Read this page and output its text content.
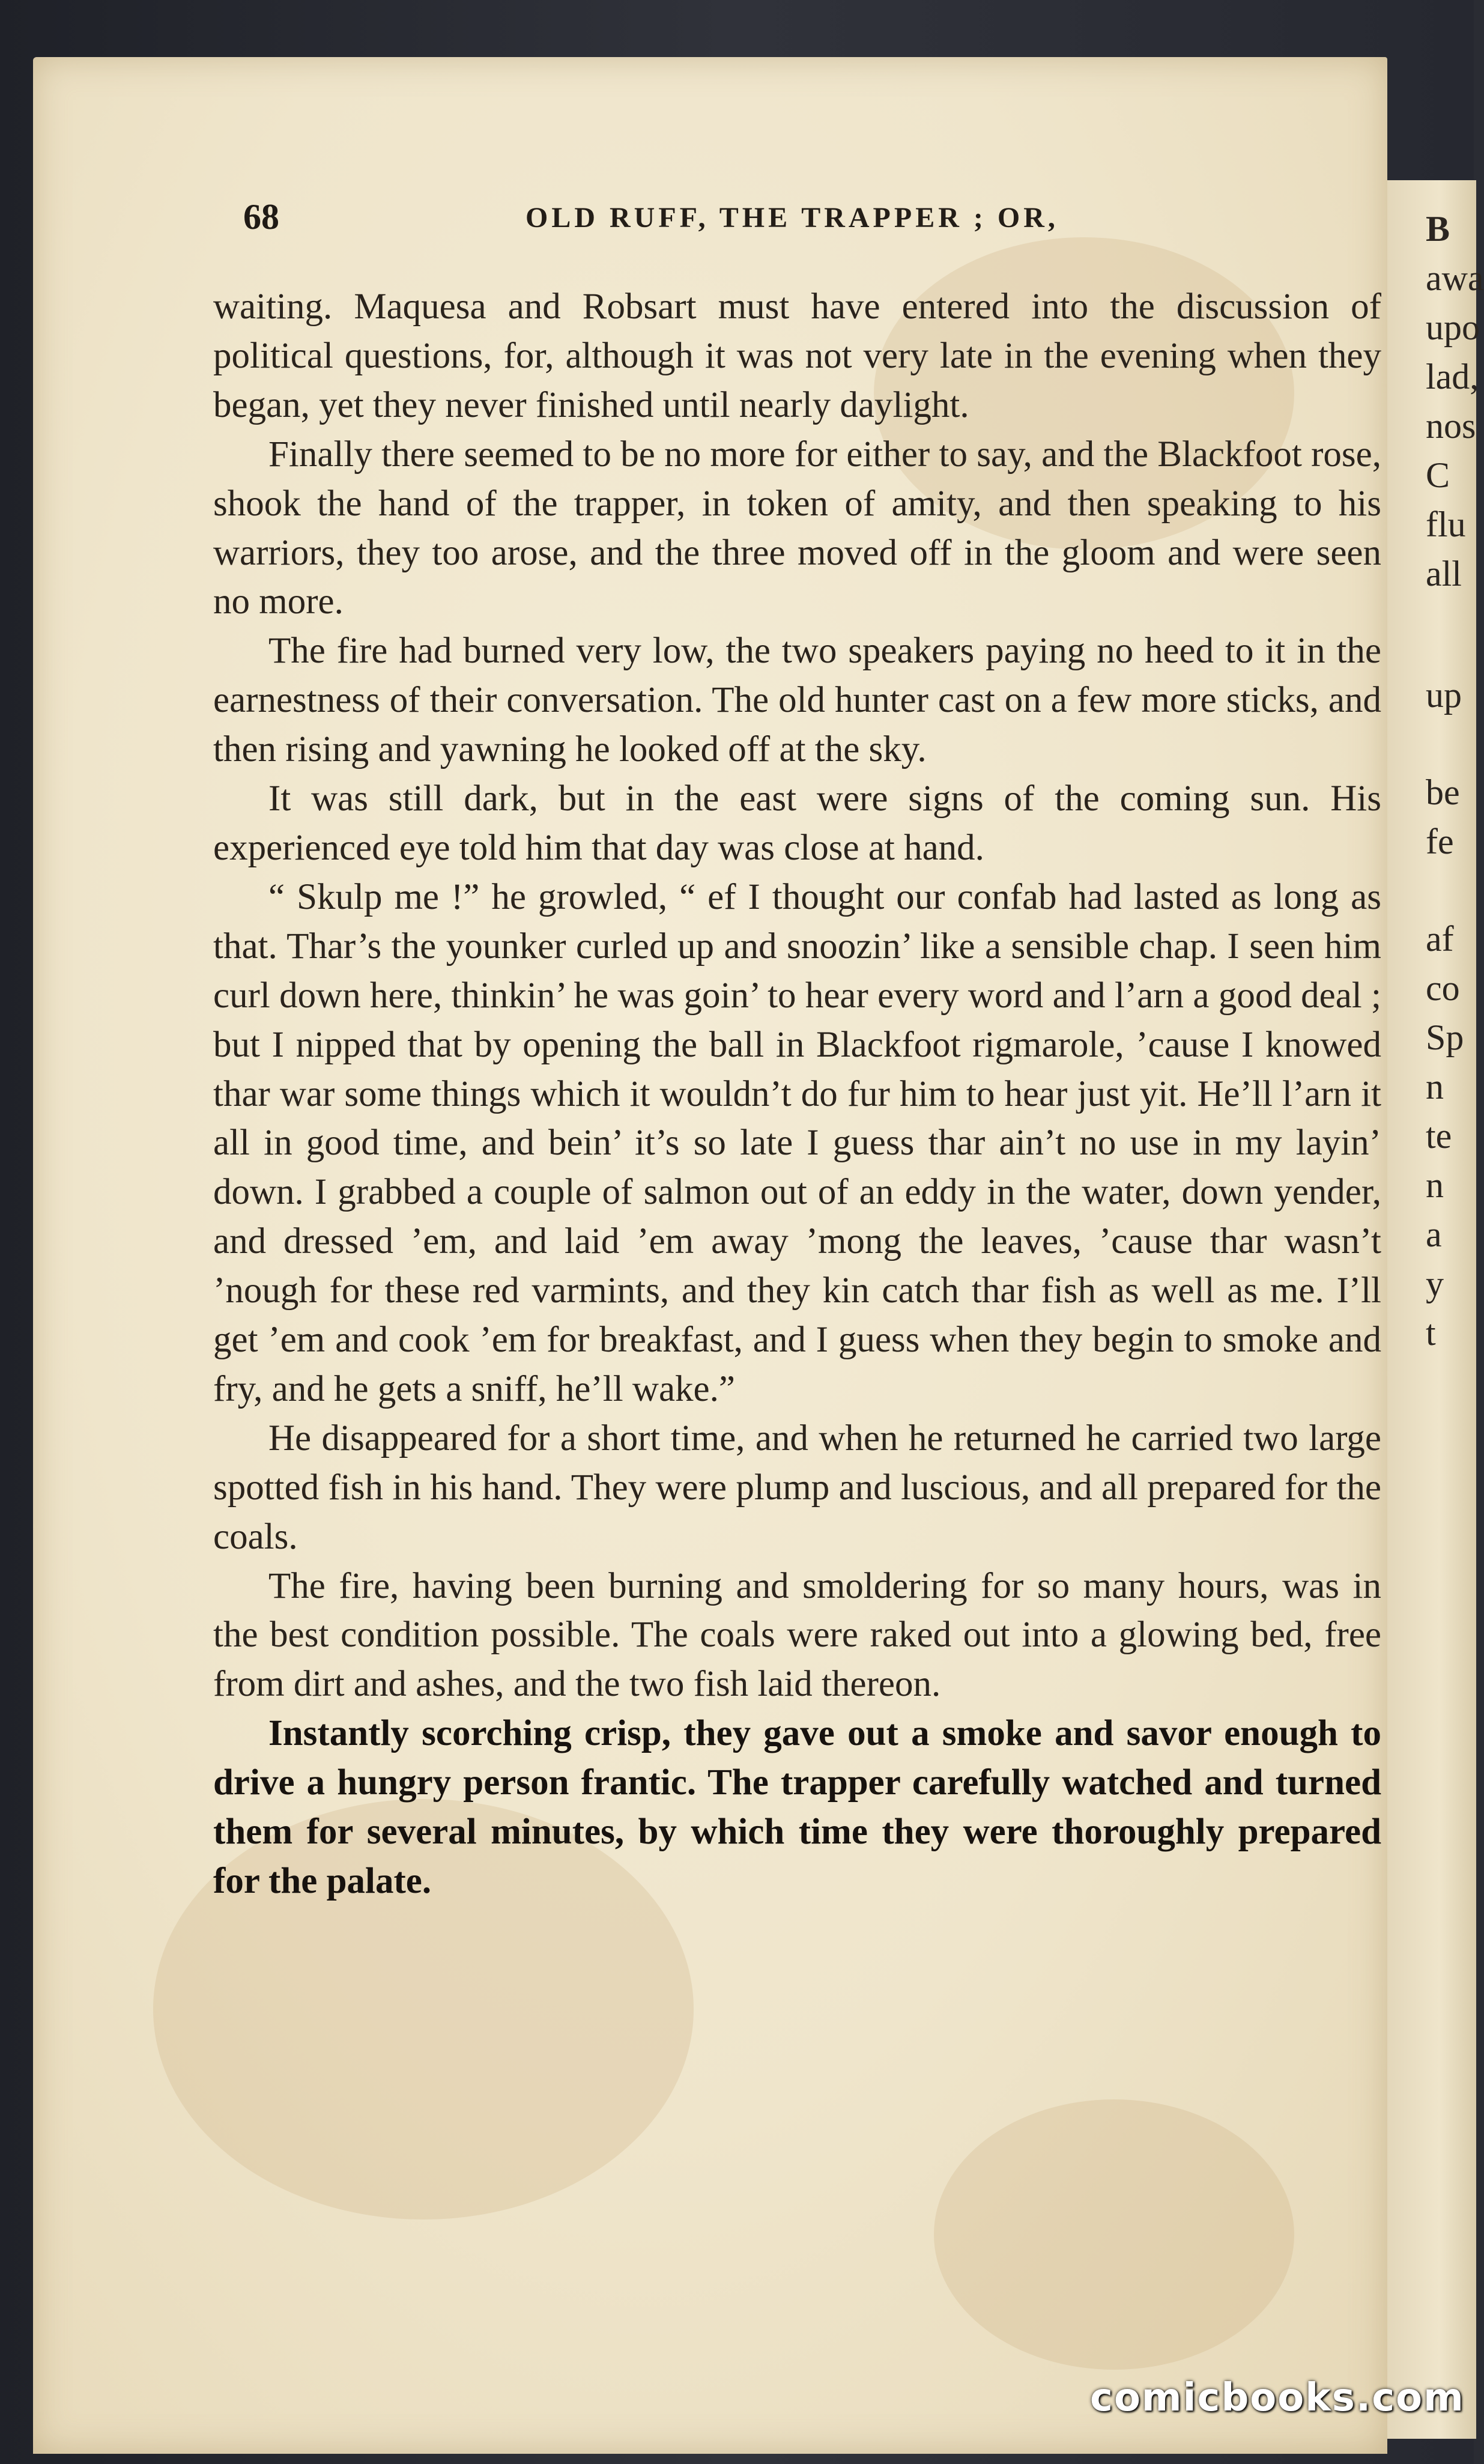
B
awa
upo
lad,
nos
C
flu
all
up
be
fe
af
co
Sp
n
te
n
a
y
t
68	OLD RUFF, THE TRAPPER ; OR,

waiting. Maquesa and Robsart must have entered into the discussion of political questions, for, although it was not very late in the evening when they began, yet they never finished until nearly daylight.

Finally there seemed to be no more for either to say, and the Blackfoot rose, shook the hand of the trapper, in token of amity, and then speaking to his warriors, they too arose, and the three moved off in the gloom and were seen no more.

The fire had burned very low, the two speakers paying no heed to it in the earnestness of their conversation. The old hunter cast on a few more sticks, and then rising and yawning he looked off at the sky.

It was still dark, but in the east were signs of the coming sun. His experienced eye told him that day was close at hand.

“ Skulp me !” he growled, “ ef I thought our confab had lasted as long as that. Thar’s the younker curled up and snoozin’ like a sensible chap. I seen him curl down here, thinkin’ he was goin’ to hear every word and l’arn a good deal ; but I nipped that by opening the ball in Blackfoot rigmarole, ’cause I knowed thar war some things which it wouldn’t do fur him to hear just yit. He’ll l’arn it all in good time, and bein’ it’s so late I guess thar ain’t no use in my layin’ down. I grabbed a couple of salmon out of an eddy in the water, down yender, and dressed ’em, and laid ’em away ’mong the leaves, ’cause thar wasn’t ’nough for these red varmints, and they kin catch thar fish as well as me. I’ll get ’em and cook ’em for breakfast, and I guess when they begin to smoke and fry, and he gets a sniff, he’ll wake.”

He disappeared for a short time, and when he returned he carried two large spotted fish in his hand. They were plump and luscious, and all prepared for the coals.

The fire, having been burning and smoldering for so many hours, was in the best condition possible. The coals were raked out into a glowing bed, free from dirt and ashes, and the two fish laid thereon.

Instantly scorching crisp, they gave out a smoke and savor enough to drive a hungry person frantic. The trapper carefully watched and turned them for several minutes, by which time they were thoroughly prepared for the palate.

comicbooks.com
